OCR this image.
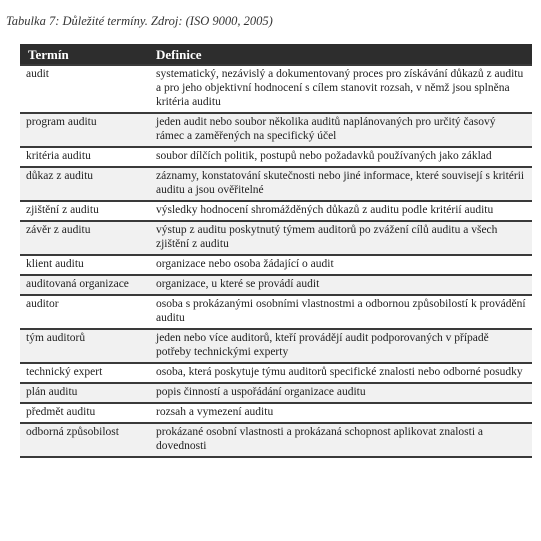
Tabulka 7: Důležité termíny. Zdroj: (ISO 9000, 2005)
Termín	Definice
audit	systematický, nezávislý a dokumentovaný proces pro získávání důkazů z auditu a pro jeho objektivní hodnocení s cílem stanovit rozsah, v němž jsou splněna kritéria auditu
program auditu	jeden audit nebo soubor několika auditů naplánovaných pro určitý časový rámec a zaměřených na specifický účel
kritéria auditu	soubor dílčích politik, postupů nebo požadavků používaných jako základ
důkaz z auditu	záznamy, konstatování skutečnosti nebo jiné informace, které souvisejí s kritérii auditu a jsou ověřitelné
zjištění z auditu	výsledky hodnocení shromážděných důkazů z auditu podle kritérií auditu
závěr z auditu	výstup z auditu poskytnutý týmem auditorů po zvážení cílů auditu a všech zjištění z auditu
klient auditu	organizace nebo osoba žádající o audit
auditovaná organizace	organizace, u které se provádí audit
auditor	osoba s prokázanými osobními vlastnostmi a odbornou způsobilostí k provádění auditu
tým auditorů	jeden nebo více auditorů, kteří provádějí audit podporovaných v případě potřeby technickými experty
technický expert	osoba, která poskytuje týmu auditorů specifické znalosti nebo odborné posudky
plán auditu	popis činností a uspořádání organizace auditu
předmět auditu	rozsah a vymezení auditu
odborná způsobilost	prokázané osobní vlastnosti a prokázaná schopnost aplikovat znalosti a dovednosti
